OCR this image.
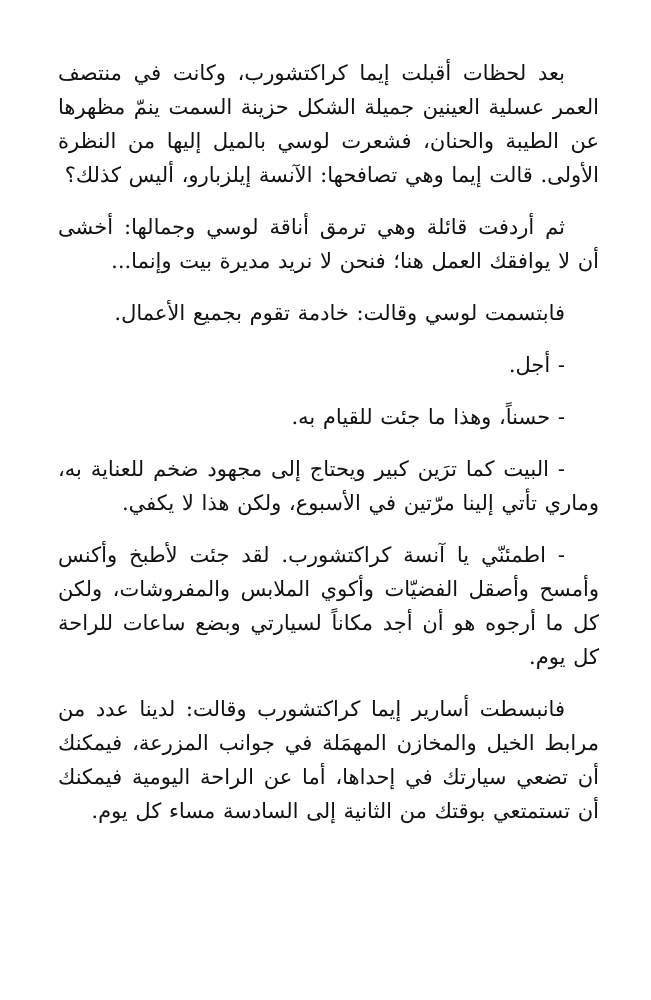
بعد لحظات أقبلت إيما كراكتشورب، وكانت في منتصف العمر عسلية العينين جميلة الشكل حزينة السمت ينمّ مظهرها عن الطيبة والحنان، فشعرت لوسي بالميل إليها من النظرة الأولى. قالت إيما وهي تصافحها: الآنسة إيلزبارو، أليس كذلك؟

ثم أردفت قائلة وهي ترمق أناقة لوسي وجمالها: أخشى أن لا يوافقك العمل هنا؛ فنحن لا نريد مديرة بيت وإنما...

فابتسمت لوسي وقالت: خادمة تقوم بجميع الأعمال.

- أجل.

- حسناً، وهذا ما جئت للقيام به.

- البيت كما ترَين كبير ويحتاج إلى مجهود ضخم للعناية به، وماري تأتي إلينا مرّتين في الأسبوع، ولكن هذا لا يكفي.

- اطمئنّي يا آنسة كراكتشورب. لقد جئت لأطبخ وأكنس وأمسح وأصقل الفضيّات وأكوي الملابس والمفروشات، ولكن كل ما أرجوه هو أن أجد مكاناً لسيارتي وبضع ساعات للراحة كل يوم.

فانبسطت أسارير إيما كراكتشورب وقالت: لدينا عدد من مرابط الخيل والمخازن المهمَلة في جوانب المزرعة، فيمكنك أن تضعي سيارتك في إحداها، أما عن الراحة اليومية فيمكنك أن تستمتعي بوقتك من الثانية إلى السادسة مساء كل يوم.
